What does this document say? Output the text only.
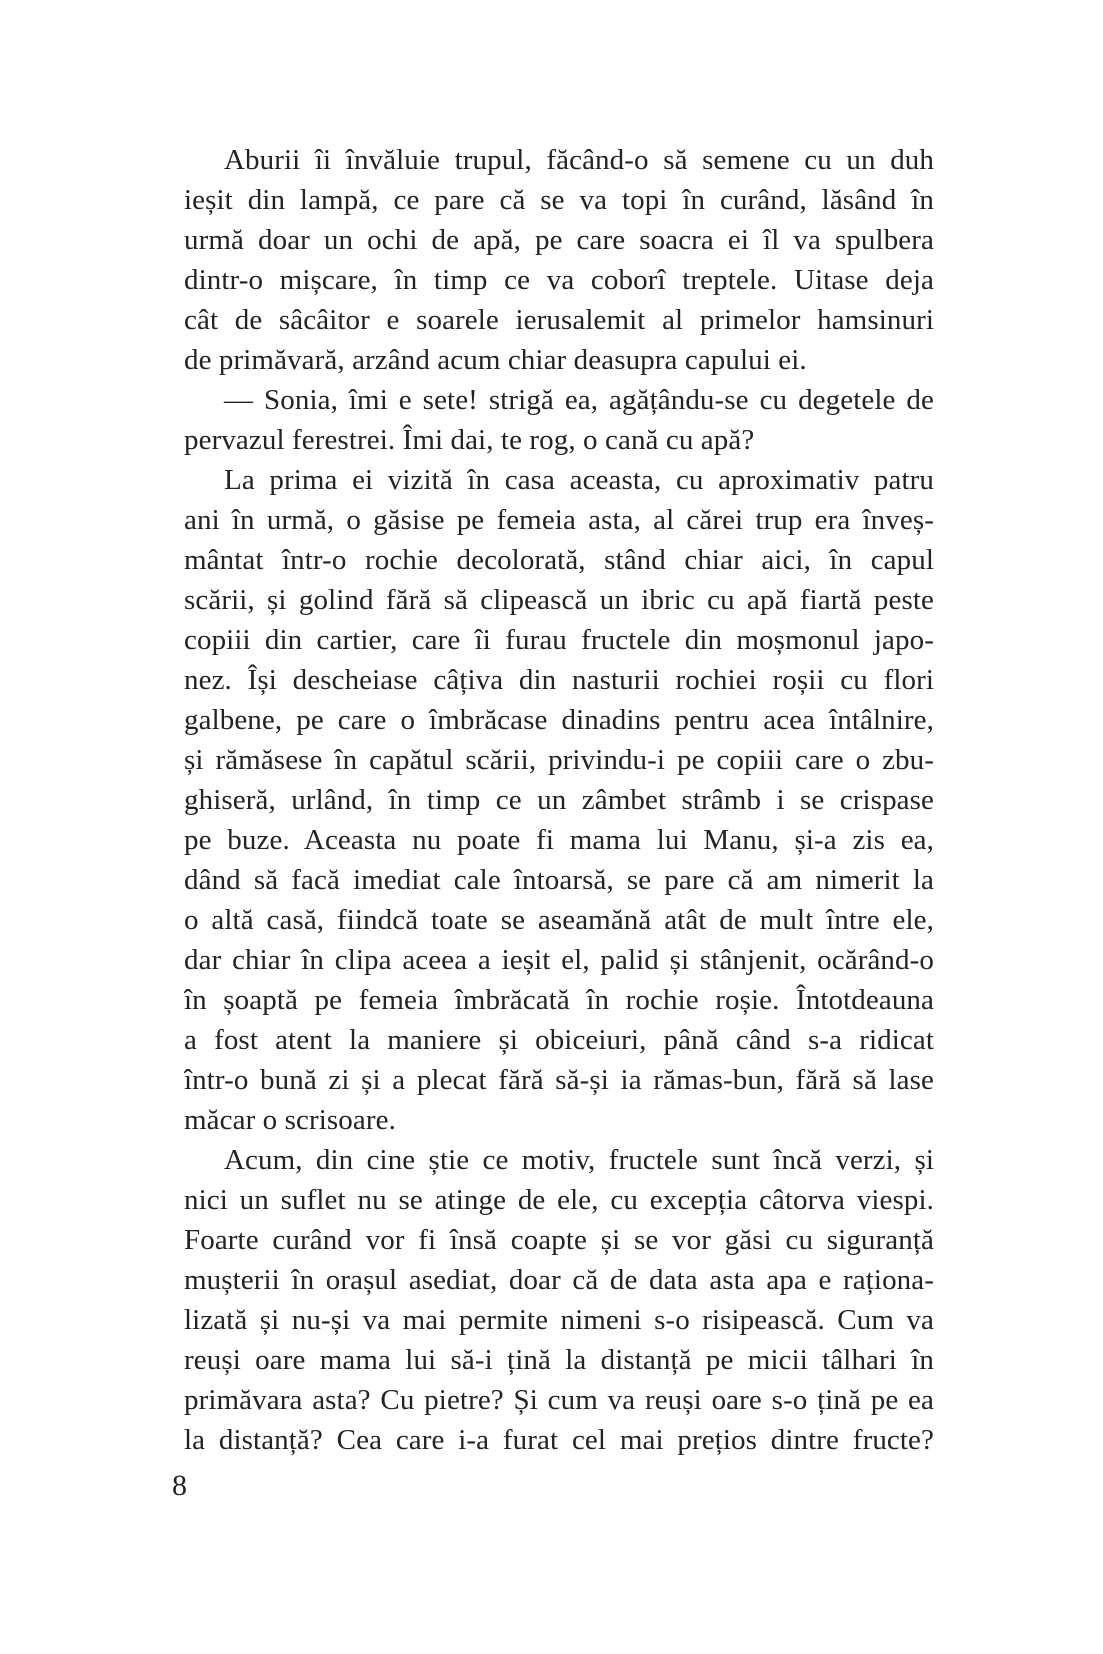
Aburii îi învăluie trupul, făcând-o să semene cu un duh
ieșit din lampă, ce pare că se va topi în curând, lăsând în
urmă doar un ochi de apă, pe care soacra ei îl va spulbera
dintr-o mișcare, în timp ce va coborî treptele. Uitase deja
cât de sâcâitor e soarele ierusalemit al primelor hamsinuri
de primăvară, arzând acum chiar deasupra capului ei.

— Sonia, îmi e sete! strigă ea, agățându-se cu degetele de
pervazul ferestrei. Îmi dai, te rog, o cană cu apă?

La prima ei vizită în casa aceasta, cu aproximativ patru
ani în urmă, o găsise pe femeia asta, al cărei trup era înveș-
mântat într-o rochie decolorată, stând chiar aici, în capul
scării, și golind fără să clipească un ibric cu apă fiartă peste
copiii din cartier, care îi furau fructele din moșmonul japo-
nez. Își descheiase câțiva din nasturii rochiei roșii cu flori
galbene, pe care o îmbrăcase dinadins pentru acea întâlnire,
și rămăsese în capătul scării, privindu-i pe copiii care o zbu-
ghiseră, urlând, în timp ce un zâmbet strâmb i se crispase
pe buze. Aceasta nu poate fi mama lui Manu, și-a zis ea,
dând să facă imediat cale întoarsă, se pare că am nimerit la
o altă casă, fiindcă toate se aseamănă atât de mult între ele,
dar chiar în clipa aceea a ieșit el, palid și stânjenit, ocărând-o
în șoaptă pe femeia îmbrăcată în rochie roșie. Întotdeauna
a fost atent la maniere și obiceiuri, până când s-a ridicat
într-o bună zi și a plecat fără să-și ia rămas-bun, fără să lase
măcar o scrisoare.

Acum, din cine știe ce motiv, fructele sunt încă verzi, și
nici un suflet nu se atinge de ele, cu excepția câtorva viespi.
Foarte curând vor fi însă coapte și se vor găsi cu siguranță
mușterii în orașul asediat, doar că de data asta apa e raționa-
lizată și nu-și va mai permite nimeni s-o risipească. Cum va
reuși oare mama lui să-i țină la distanță pe micii tâlhari în
primăvara asta? Cu pietre? Și cum va reuși oare s-o țină pe ea
la distanță? Cea care i-a furat cel mai prețios dintre fructe?

8
